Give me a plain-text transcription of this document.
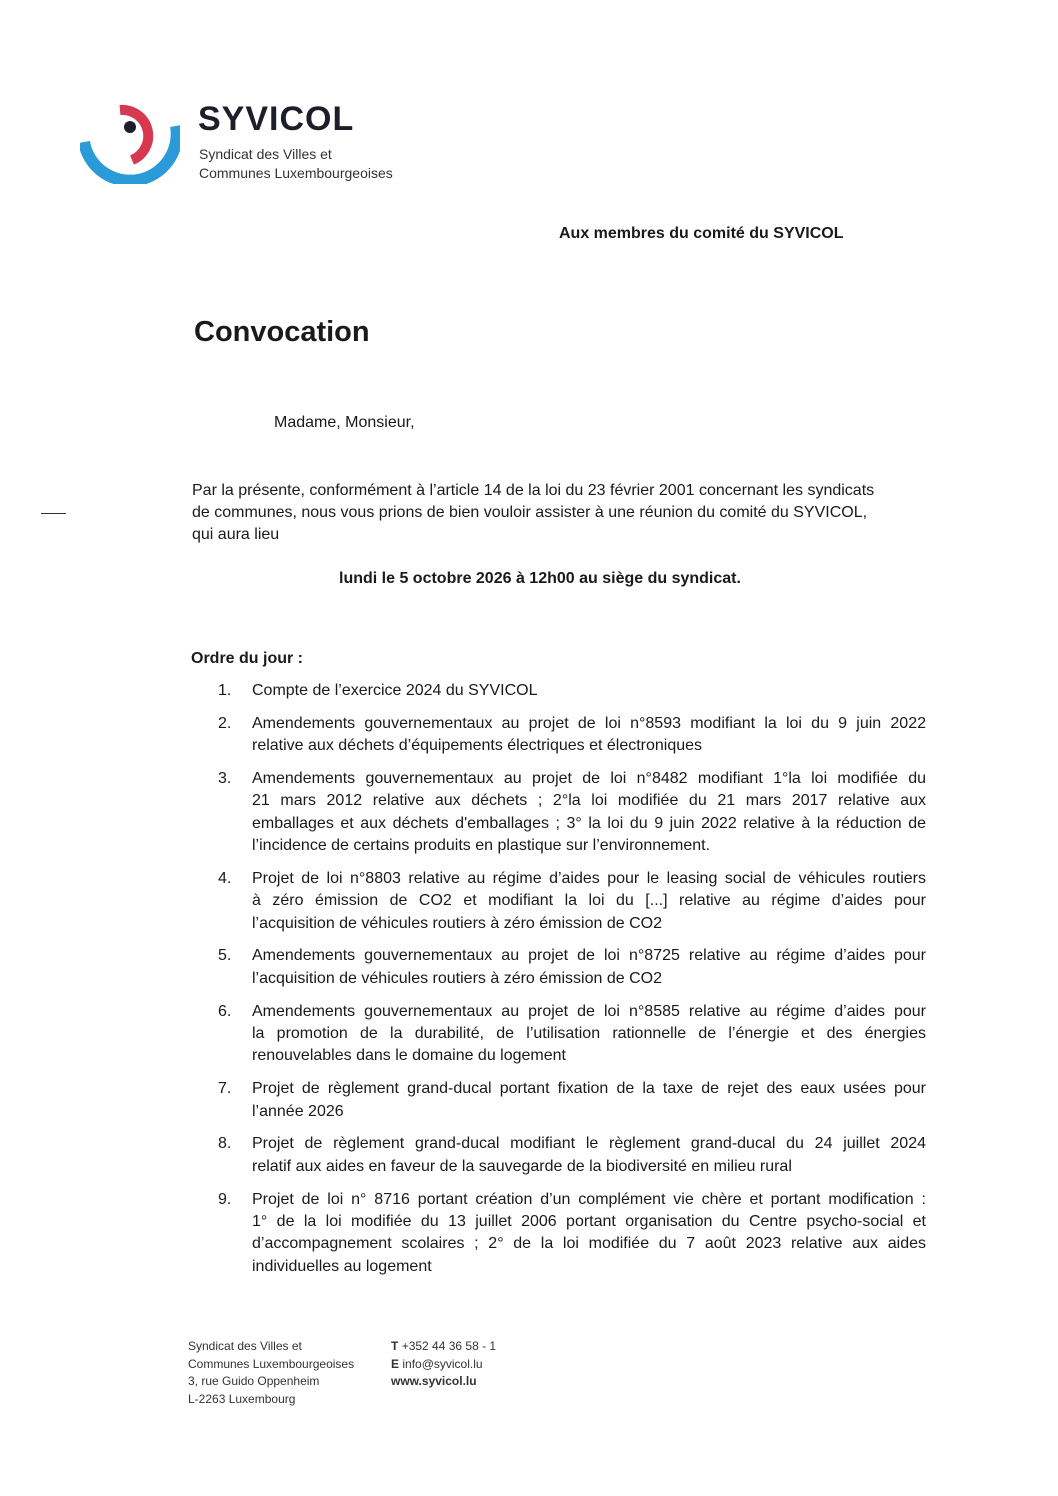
SYVICOL
Syndicat des Villes et
Communes Luxembourgeoises
Aux membres du comité du SYVICOL
Convocation
Madame, Monsieur,
Par la présente, conformément à l’article 14 de la loi du 23 février 2001 concernant les syndicats
de communes, nous vous prions de bien vouloir assister à une réunion du comité du SYVICOL,
qui aura lieu
lundi le 5 octobre 2026 à 12h00 au siège du syndicat.
Ordre du jour :
1.	Compte de l’exercice 2024 du SYVICOL
2.	Amendements gouvernementaux au projet de loi n°8593 modifiant la loi du 9 juin 2022
relative aux déchets d’équipements électriques et électroniques
3.	Amendements gouvernementaux au projet de loi n°8482 modifiant 1°la loi modifiée du
21 mars 2012 relative aux déchets ; 2°la loi modifiée du 21 mars 2017 relative aux
emballages et aux déchets d'emballages ; 3° la loi du 9 juin 2022 relative à la réduction de
l’incidence de certains produits en plastique sur l’environnement.
4.	Projet de loi n°8803 relative au régime d’aides pour le leasing social de véhicules routiers
à zéro émission de CO2 et modifiant la loi du [...] relative au régime d’aides pour
l’acquisition de véhicules routiers à zéro émission de CO2
5.	Amendements gouvernementaux au projet de loi n°8725 relative au régime d’aides pour
l’acquisition de véhicules routiers à zéro émission de CO2
6.	Amendements gouvernementaux au projet de loi n°8585 relative au régime d’aides pour
la promotion de la durabilité, de l’utilisation rationnelle de l’énergie et des énergies
renouvelables dans le domaine du logement
7.	Projet de règlement grand-ducal portant fixation de la taxe de rejet des eaux usées pour
l’année 2026
8.	Projet de règlement grand-ducal modifiant le règlement grand-ducal du 24 juillet 2024
relatif aux aides en faveur de la sauvegarde de la biodiversité en milieu rural
9.	Projet de loi n° 8716 portant création d’un complément vie chère et portant modification :
1° de la loi modifiée du 13 juillet 2006 portant organisation du Centre psycho-social et
d’accompagnement scolaires ; 2° de la loi modifiée du 7 août 2023 relative aux aides
individuelles au logement
Syndicat des Villes et
Communes Luxembourgeoises
3, rue Guido Oppenheim
L-2263 Luxembourg
T +352 44 36 58 - 1
E info@syvicol.lu
www.syvicol.lu
